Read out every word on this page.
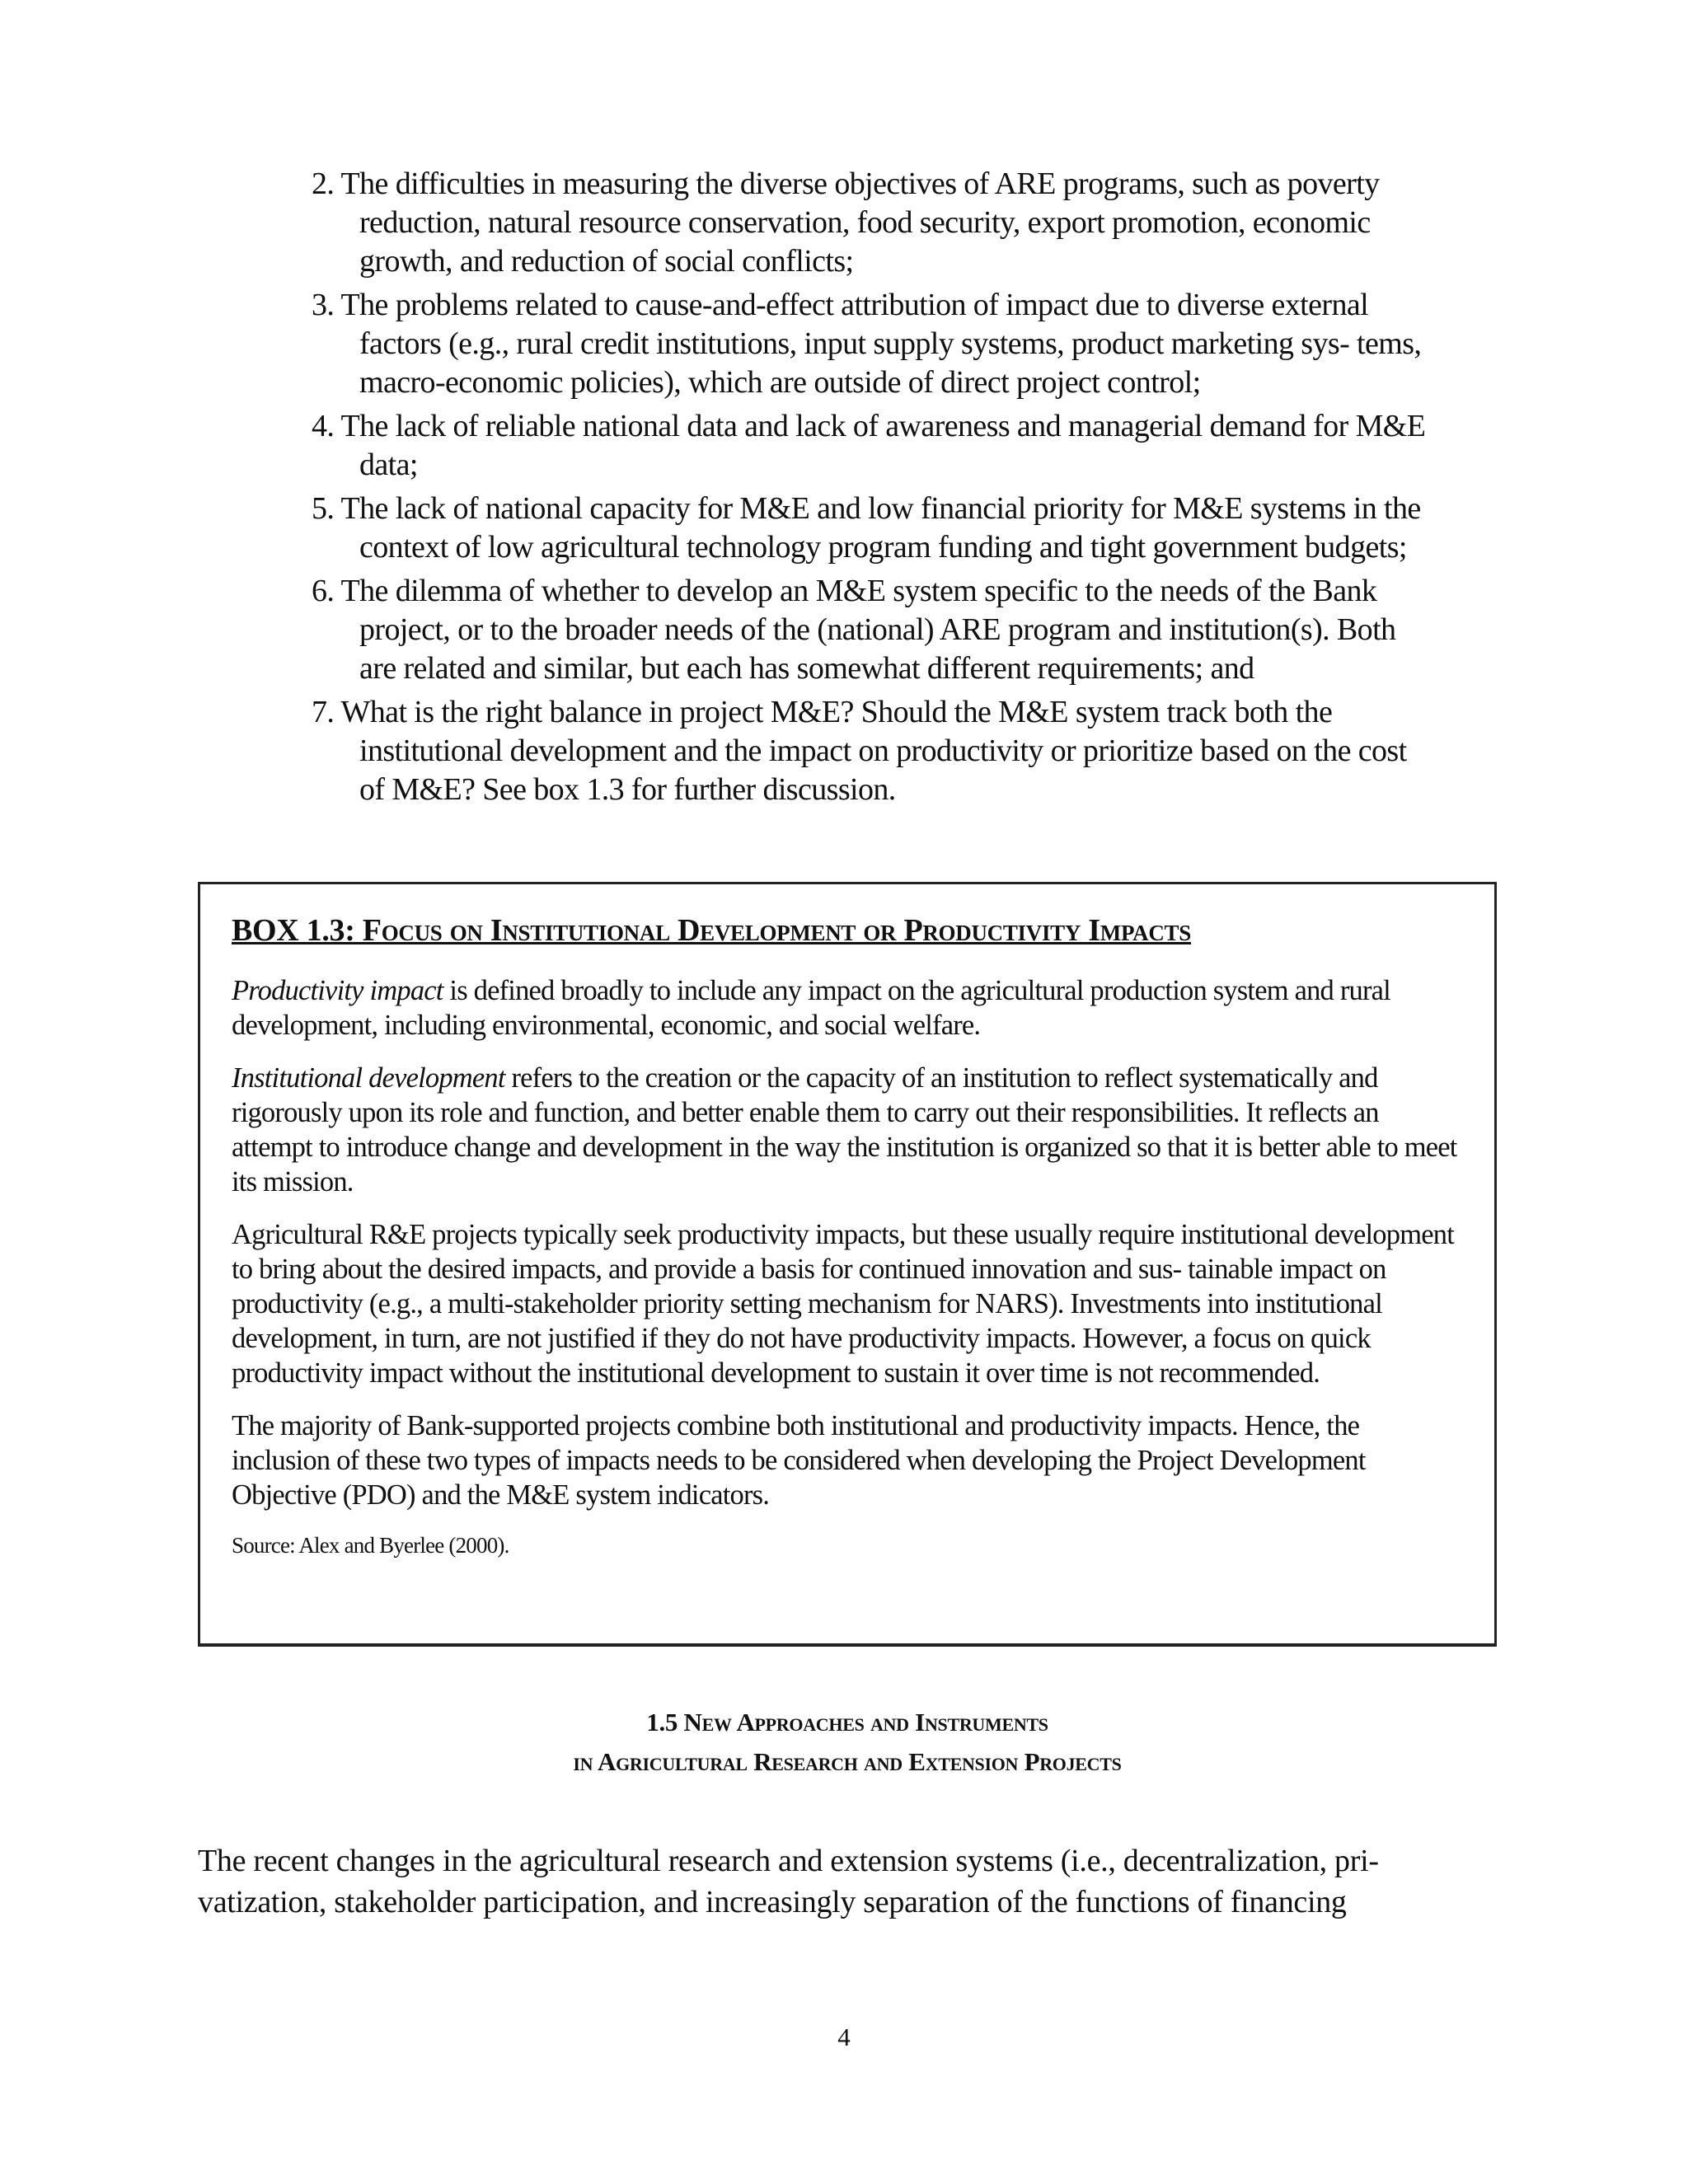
2. The difficulties in measuring the diverse objectives of ARE programs, such as poverty reduction, natural resource conservation, food security, export promotion, economic growth, and reduction of social conflicts;

3. The problems related to cause-and-effect attribution of impact due to diverse external factors (e.g., rural credit institutions, input supply systems, product marketing sys- tems, macro-economic policies), which are outside of direct project control;

4. The lack of reliable national data and lack of awareness and managerial demand for M&E data;

5. The lack of national capacity for M&E and low financial priority for M&E systems in the context of low agricultural technology program funding and tight government budgets;

6. The dilemma of whether to develop an M&E system specific to the needs of the Bank project, or to the broader needs of the (national) ARE program and institution(s). Both are related and similar, but each has somewhat different requirements; and

7. What is the right balance in project M&E? Should the M&E system track both the institutional development and the impact on productivity or prioritize based on the cost of M&E? See box 1.3 for further discussion.

BOX 1.3: Focus on Institutional Development or Productivity Impacts

Productivity impact is defined broadly to include any impact on the agricultural production system and rural development, including environmental, economic, and social welfare.

Institutional development refers to the creation or the capacity of an institution to reflect systematically and rigorously upon its role and function, and better enable them to carry out their responsibilities. It reflects an attempt to introduce change and development in the way the institution is organized so that it is better able to meet its mission.

Agricultural R&E projects typically seek productivity impacts, but these usually require institutional development to bring about the desired impacts, and provide a basis for continued innovation and sus- tainable impact on productivity (e.g., a multi-stakeholder priority setting mechanism for NARS). Investments into institutional development, in turn, are not justified if they do not have productivity impacts. However, a focus on quick productivity impact without the institutional development to sustain it over time is not recommended.

The majority of Bank-supported projects combine both institutional and productivity impacts. Hence, the inclusion of these two types of impacts needs to be considered when developing the Project Development Objective (PDO) and the M&E system indicators.

Source: Alex and Byerlee (2000).

1.5 New Approaches and Instruments
in Agricultural Research and Extension Projects

The recent changes in the agricultural research and extension systems (i.e., decentralization, pri- vatization, stakeholder participation, and increasingly separation of the functions of financing

4
